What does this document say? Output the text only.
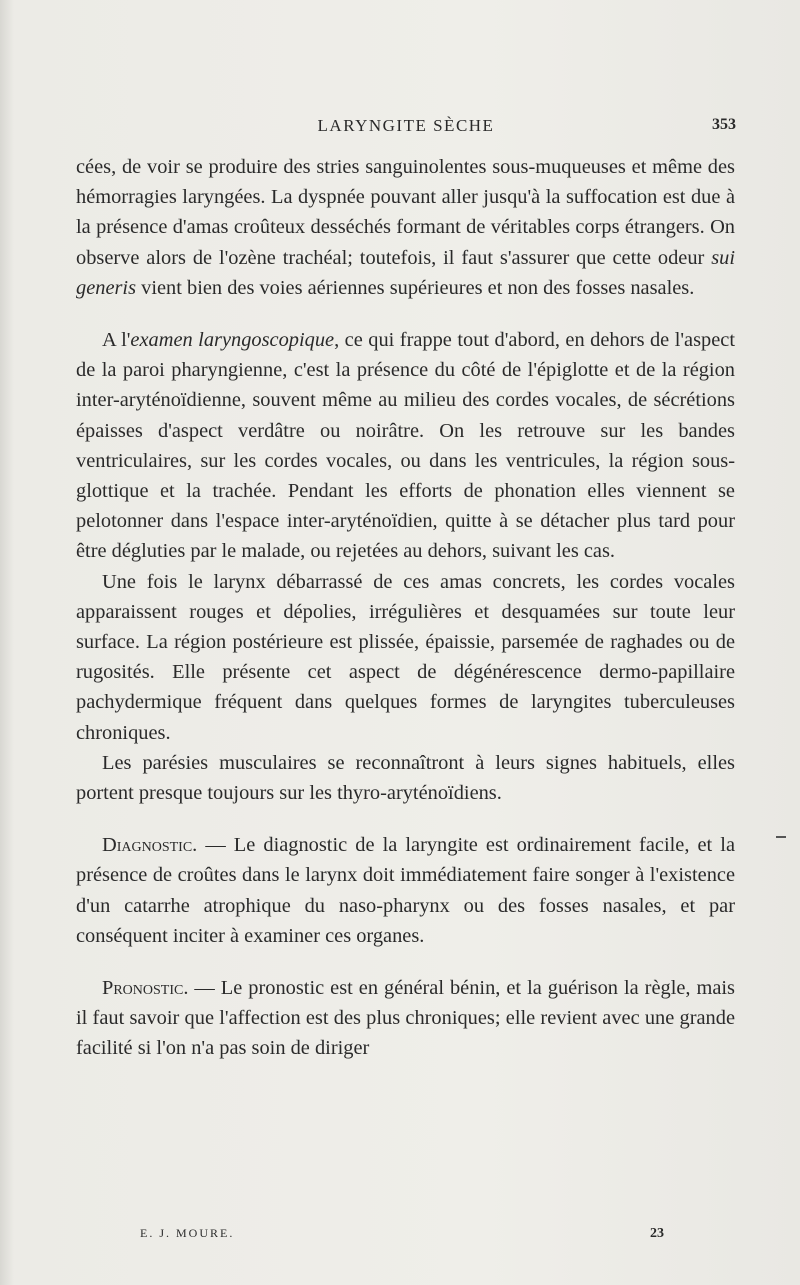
LARYNGITE SÈCHE	353

cées, de voir se produire des stries sanguinolentes sous-muqueuses et même des hémorragies laryngées. La dyspnée pouvant aller jusqu'à la suffocation est due à la présence d'amas croûteux desséchés formant de véritables corps étrangers. On observe alors de l'ozène trachéal; toutefois, il faut s'assurer que cette odeur sui generis vient bien des voies aériennes supérieures et non des fosses nasales.

A l'examen laryngoscopique, ce qui frappe tout d'abord, en dehors de l'aspect de la paroi pharyngienne, c'est la présence du côté de l'épiglotte et de la région inter-aryténoïdienne, souvent même au milieu des cordes vocales, de sécrétions épaisses d'aspect verdâtre ou noirâtre. On les retrouve sur les bandes ventriculaires, sur les cordes vocales, ou dans les ventricules, la région sous-glottique et la trachée. Pendant les efforts de phonation elles viennent se pelotonner dans l'espace inter-aryténoïdien, quitte à se détacher plus tard pour être dégluties par le malade, ou rejetées au dehors, suivant les cas.

Une fois le larynx débarrassé de ces amas concrets, les cordes vocales apparaissent rouges et dépolies, irrégulières et desquamées sur toute leur surface. La région postérieure est plissée, épaissie, parsemée de raghades ou de rugosités. Elle présente cet aspect de dégénérescence dermo-papillaire pachydermique fréquent dans quelques formes de laryngites tuberculeuses chroniques.

Les parésies musculaires se reconnaîtront à leurs signes habituels, elles portent presque toujours sur les thyro-aryténoïdiens.

Diagnostic. — Le diagnostic de la laryngite est ordinairement facile, et la présence de croûtes dans le larynx doit immédiatement faire songer à l'existence d'un catarrhe atrophique du naso-pharynx ou des fosses nasales, et par conséquent inciter à examiner ces organes.

Pronostic. — Le pronostic est en général bénin, et la guérison la règle, mais il faut savoir que l'affection est des plus chroniques; elle revient avec une grande facilité si l'on n'a pas soin de diriger

E. J. MOURE.	23
